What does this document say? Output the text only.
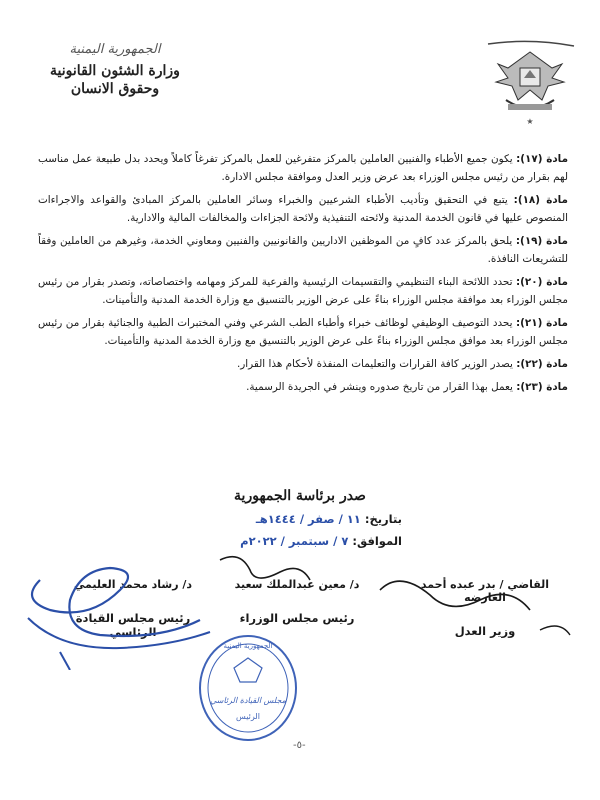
★
الجمهورية اليمنية
وزارة الشئون القانونية
وحقوق الانسان

مادة (١٧): يكون جميع الأطباء والفنيين العاملين بالمركز متفرغين للعمل بالمركز تفرغاً كاملاً ويحدد بدل طبيعة عمل مناسب لهم بقرار من رئيس مجلس الوزراء بعد عرض وزير العدل وموافقة مجلس الادارة.

مادة (١٨): يتبع في التحقيق وتأديب الأطباء الشرعيين والخبراء وسائر العاملين بالمركز المبادئ والقواعد والاجراءات المنصوص عليها في قانون الخدمة المدنية ولائحته التنفيذية ولائحة الجزاءات والمخالفات المالية والادارية.

مادة (١٩): يلحق بالمركز عدد كافٍ من الموظفين الاداريين والقانونيين والفنيين ومعاوني الخدمة، وغيرهم من العاملين وفقاً للتشريعات النافذة.

مادة (٢٠): تحدد اللائحة البناء التنظيمي والتقسيمات الرئيسية والفرعية للمركز ومهامه واختصاصاته، وتصدر بقرار من رئيس مجلس الوزراء بعد موافقة مجلس الوزراء بناءً على عرض الوزير بالتنسيق مع وزارة الخدمة المدنية والتأمينات.

مادة (٢١): يحدد التوصيف الوظيفي لوظائف خبراء وأطباء الطب الشرعي وفني المختبرات الطبية والجنائية بقرار من رئيس مجلس الوزراء بعد موافق مجلس الوزراء بناءً على عرض الوزير بالتنسيق مع وزارة الخدمة المدنية والتأمينات.

مادة (٢٢): يصدر الوزير كافة القرارات والتعليمات المنفذة لأحكام هذا القرار.

مادة (٢٣): يعمل بهذا القرار من تاريخ صدوره وينشر في الجريدة الرسمية.

صدر برئاسة الجمهورية
بتاريخ: ١١ / صفر / ١٤٤٤هـ
الموافق: ٧ / سبتمبر / ٢٠٢٢م
القاضي / بدر عبده أحمد العارضه
وزير العدل
د/ معين عبدالملك سعيد
رئيس مجلس الوزراء
د/ رشاد محمد العليمي
رئيس مجلس القيادة الرئاسي
الجمهورية اليمنية
مجلس القيادة الرئاسي
الرئيس
-٥-
